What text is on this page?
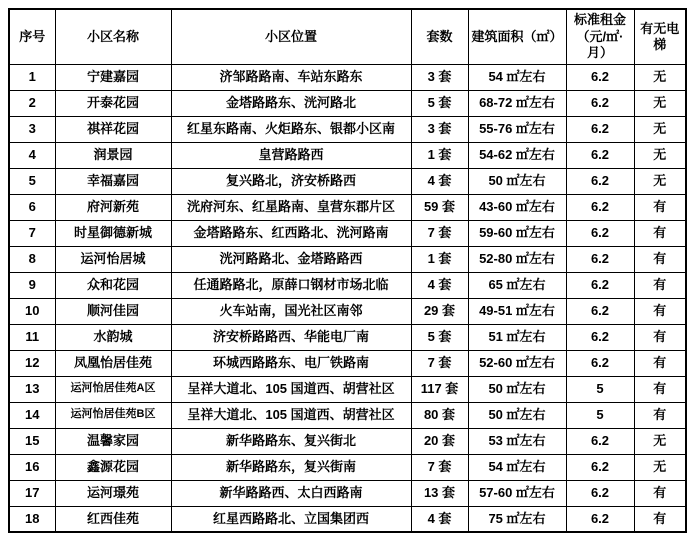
序号	小区名称	小区位置	套数	建筑面积（㎡）	标准租金（元/㎡·月）	有无电梯
1	宁建嘉园	济邹路路南、车站东路东	3 套	54 ㎡左右	6.2	无
2	开泰花园	金塔路路东、洸河路北	5 套	68-72 ㎡左右	6.2	无
3	祺祥花园	红星东路南、火炬路东、银都小区南	3 套	55-76 ㎡左右	6.2	无
4	润景园	皇营路路西	1 套	54-62 ㎡左右	6.2	无
5	幸福嘉园	复兴路北，济安桥路西	4 套	50 ㎡左右	6.2	无
6	府河新苑	洸府河东、红星路南、皇营东郡片区	59 套	43-60 ㎡左右	6.2	有
7	时星御德新城	金塔路路东、红西路北、洸河路南	7 套	59-60 ㎡左右	6.2	有
8	运河怡居城	洸河路路北、金塔路路西	1 套	52-80 ㎡左右	6.2	有
9	众和花园	任通路路北，原薛口钢材市场北临	4 套	65 ㎡左右	6.2	有
10	顺河佳园	火车站南，国光社区南邻	29 套	49-51 ㎡左右	6.2	有
11	水韵城	济安桥路路西、华能电厂南	5 套	51 ㎡左右	6.2	有
12	凤凰怡居佳苑	环城西路路东、电厂铁路南	7 套	52-60 ㎡左右	6.2	有
13	运河怡居佳苑A区	呈祥大道北、105 国道西、胡营社区	117 套	50 ㎡左右	5	有
14	运河怡居佳苑B区	呈祥大道北、105 国道西、胡营社区	80 套	50 ㎡左右	5	有
15	温馨家园	新华路路东、复兴街北	20 套	53 ㎡左右	6.2	无
16	鑫源花园	新华路路东，复兴街南	7 套	54 ㎡左右	6.2	无
17	运河璟苑	新华路路西、太白西路南	13 套	57-60 ㎡左右	6.2	有
18	红西佳苑	红星西路路北、立国集团西	4 套	75 ㎡左右	6.2	有
